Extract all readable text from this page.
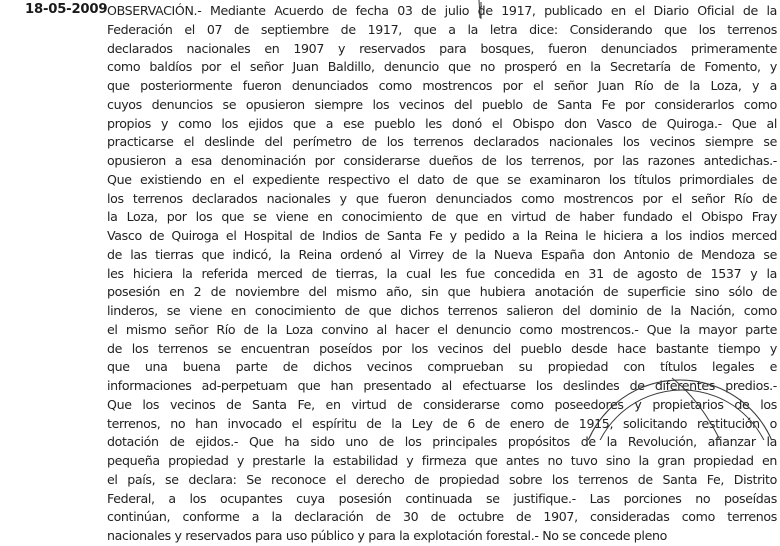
18-05-2009 OBSERVACIÓN.- Mediante Acuerdo de fecha 03 de julio de 1917, publicado en el Diario Oficial de la
Federación el 07 de septiembre de 1917, que a la letra dice: Considerando que los terrenos
declarados nacionales en 1907 y reservados para bosques, fueron denunciados primeramente
como baldíos por el señor Juan Baldillo, denuncio que no prosperó en la Secretaría de Fomento, y
que posteriormente fueron denunciados como mostrencos por el señor Juan Río de la Loza, y a
cuyos denuncios se opusieron siempre los vecinos del pueblo de Santa Fe por considerarlos como
propios y como los ejidos que a ese pueblo les donó el Obispo don Vasco de Quiroga.- Que al
practicarse el deslinde del perímetro de los terrenos declarados nacionales los vecinos siempre se
opusieron a esa denominación por considerarse dueños de los terrenos, por las razones antedichas.-
Que existiendo en el expediente respectivo el dato de que se examinaron los títulos primordiales de
los terrenos declarados nacionales y que fueron denunciados como mostrencos por el señor Río de
la Loza, por los que se viene en conocimiento de que en virtud de haber fundado el Obispo Fray
Vasco de Quiroga el Hospital de Indios de Santa Fe y pedido a la Reina le hiciera a los indios merced
de las tierras que indicó, la Reina ordenó al Virrey de la Nueva España don Antonio de Mendoza se
les hiciera la referida merced de tierras, la cual les fue concedida en 31 de agosto de 1537 y la
posesión en 2 de noviembre del mismo año, sin que hubiera anotación de superficie sino sólo de
linderos, se viene en conocimiento de que dichos terrenos salieron del dominio de la Nación, como
el mismo señor Río de la Loza convino al hacer el denuncio como mostrencos.- Que la mayor parte
de los terrenos se encuentran poseídos por los vecinos del pueblo desde hace bastante tiempo y
que una buena parte de dichos vecinos comprueban su propiedad con títulos legales e
informaciones ad-perpetuam que han presentado al efectuarse los deslindes de diferentes predios.-
Que los vecinos de Santa Fe, en virtud de considerarse como poseedores y propietarios de los
terrenos, no han invocado el espíritu de la Ley de 6 de enero de 1915, solicitando restitución o
dotación de ejidos.- Que ha sido uno de los principales propósitos de la Revolución, afianzar la
pequeña propiedad y prestarle la estabilidad y firmeza que antes no tuvo sino la gran propiedad en
el país, se declara: Se reconoce el derecho de propiedad sobre los terrenos de Santa Fe, Distrito
Federal, a los ocupantes cuya posesión continuada se justifique.- Las porciones no poseídas
continúan, conforme a la declaración de 30 de octubre de 1907, consideradas como terrenos
nacionales y reservados para uso público y para la explotación forestal.- No se concede pleno
